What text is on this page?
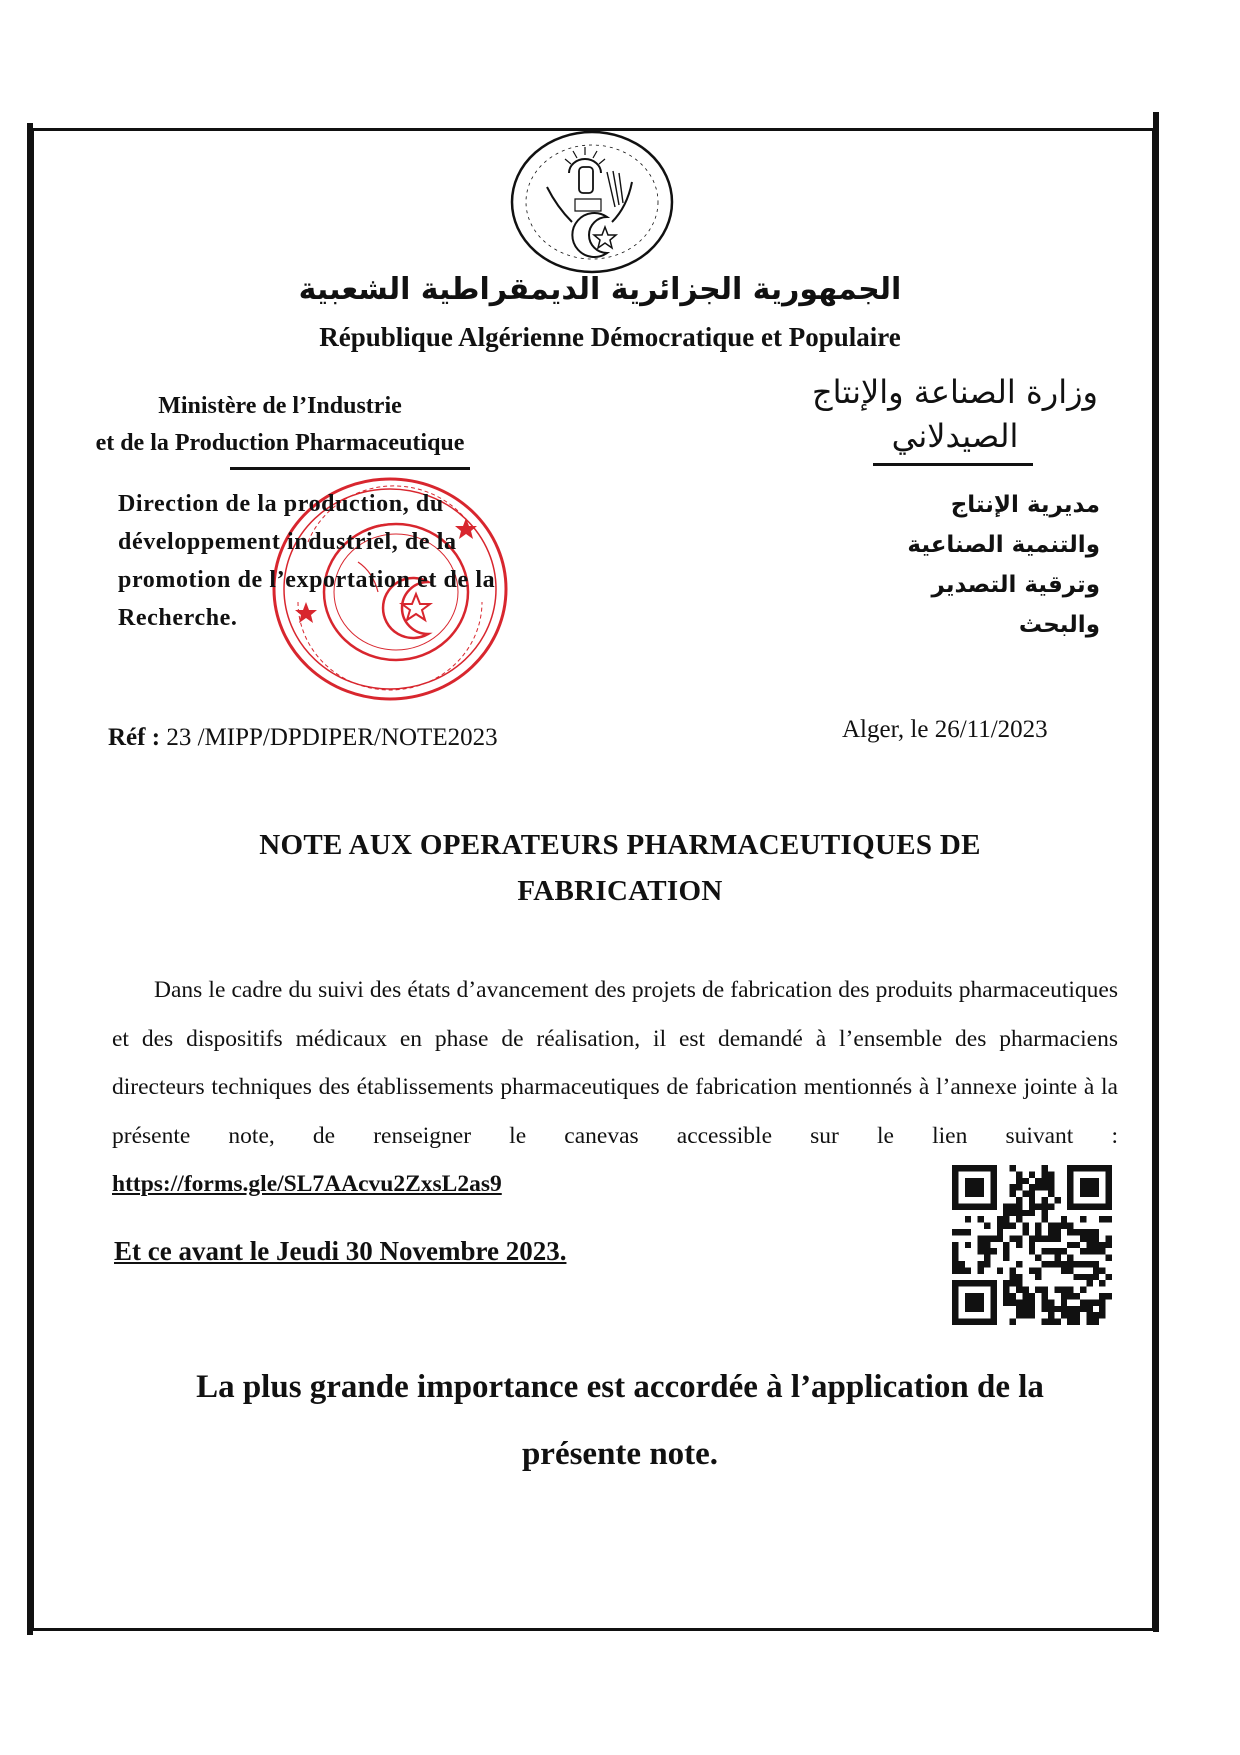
الجمهورية الجزائرية الديمقراطية الشعبية
République Algérienne Démocratique et Populaire
Ministère de l’Industrie
et de la Production Pharmaceutique
وزارة الصناعة والإنتاج
الصيدلاني
Direction de la production, du
développement industriel, de la
promotion de l’exportation et de la
Recherche.
مديرية الإنتاج
والتنمية الصناعية
وترقية التصدير
والبحث
Réf : 23 /MIPP/DPDIPER/NOTE2023	Alger, le 26/11/2023
NOTE AUX OPERATEURS PHARMACEUTIQUES DE
FABRICATION
Dans le cadre du suivi des états d’avancement des projets de fabrication des produits pharmaceutiques et des dispositifs médicaux en phase de réalisation, il est demandé à l’ensemble des pharmaciens directeurs techniques des établissements pharmaceutiques de fabrication mentionnés à l’annexe jointe à la présente note, de renseigner le canevas accessible sur le lien suivant : https://forms.gle/SL7AAcvu2ZxsL2as9
Et ce avant le Jeudi 30 Novembre 2023.
La plus grande importance est accordée à l’application de la
présente note.
